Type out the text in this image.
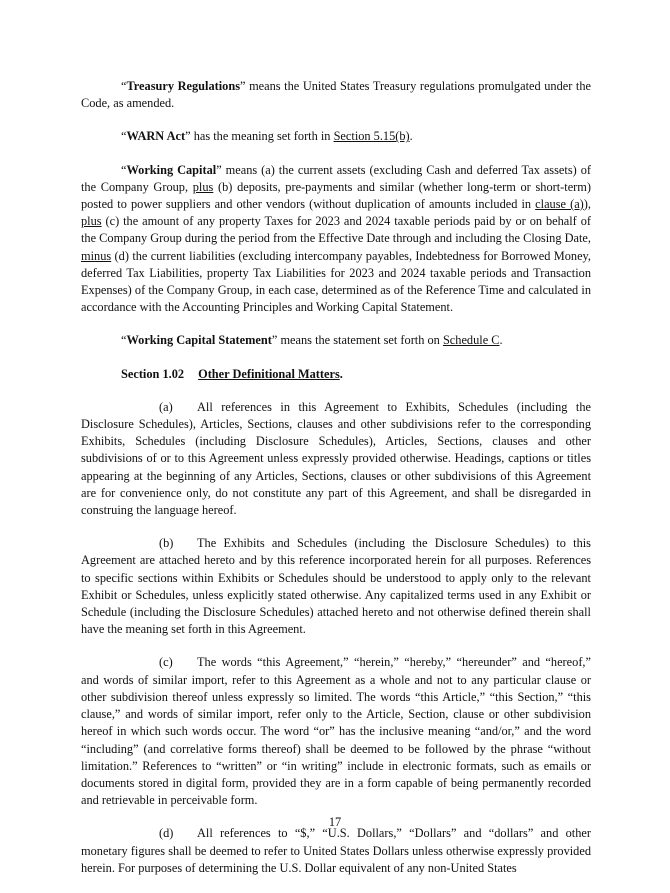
“Treasury Regulations” means the United States Treasury regulations promulgated under the Code, as amended.

“WARN Act” has the meaning set forth in Section 5.15(b).

“Working Capital” means (a) the current assets (excluding Cash and deferred Tax assets) of the Company Group, plus (b) deposits, pre-payments and similar (whether long-term or short-term) posted to power suppliers and other vendors (without duplication of amounts included in clause (a)), plus (c) the amount of any property Taxes for 2023 and 2024 taxable periods paid by or on behalf of the Company Group during the period from the Effective Date through and including the Closing Date, minus (d) the current liabilities (excluding intercompany payables, Indebtedness for Borrowed Money, deferred Tax Liabilities, property Tax Liabilities for 2023 and 2024 taxable periods and Transaction Expenses) of the Company Group, in each case, determined as of the Reference Time and calculated in accordance with the Accounting Principles and Working Capital Statement.

“Working Capital Statement” means the statement set forth on Schedule C.

Section 1.02 Other Definitional Matters.

(a) All references in this Agreement to Exhibits, Schedules (including the Disclosure Schedules), Articles, Sections, clauses and other subdivisions refer to the corresponding Exhibits, Schedules (including Disclosure Schedules), Articles, Sections, clauses and other subdivisions of or to this Agreement unless expressly provided otherwise. Headings, captions or titles appearing at the beginning of any Articles, Sections, clauses or other subdivisions of this Agreement are for convenience only, do not constitute any part of this Agreement, and shall be disregarded in construing the language hereof.

(b) The Exhibits and Schedules (including the Disclosure Schedules) to this Agreement are attached hereto and by this reference incorporated herein for all purposes. References to specific sections within Exhibits or Schedules should be understood to apply only to the relevant Exhibit or Schedules, unless explicitly stated otherwise. Any capitalized terms used in any Exhibit or Schedule (including the Disclosure Schedules) attached hereto and not otherwise defined therein shall have the meaning set forth in this Agreement.

(c) The words “this Agreement,” “herein,” “hereby,” “hereunder” and “hereof,” and words of similar import, refer to this Agreement as a whole and not to any particular clause or other subdivision thereof unless expressly so limited. The words “this Article,” “this Section,” “this clause,” and words of similar import, refer only to the Article, Section, clause or other subdivision hereof in which such words occur. The word “or” has the inclusive meaning “and/or,” and the word “including” (and correlative forms thereof) shall be deemed to be followed by the phrase “without limitation.” References to “written” or “in writing” include in electronic formats, such as emails or documents stored in digital form, provided they are in a form capable of being permanently recorded and retrievable in perceivable form.

(d) All references to “$,” “U.S. Dollars,” “Dollars” and “dollars” and other monetary figures shall be deemed to refer to United States Dollars unless otherwise expressly provided herein. For purposes of determining the U.S. Dollar equivalent of any non-United States

17
